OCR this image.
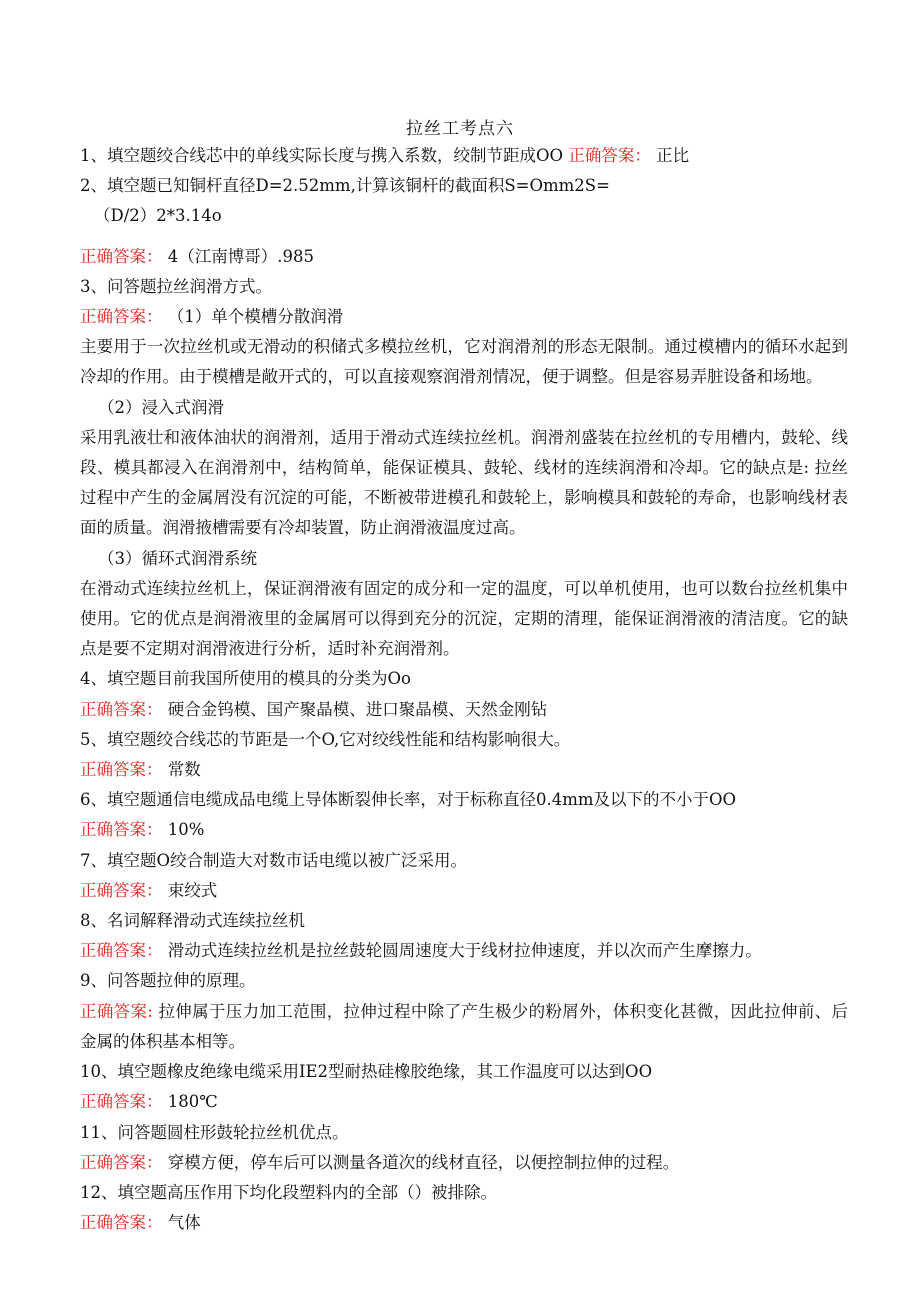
拉丝工考点六
1、填空题绞合线芯中的单线实际长度与携入系数，绞制节距成OO 正确答案： 正比
2、填空题已知铜杆直径D=2.52mm,计算该铜杆的截面积S=Omm2S=
（D/2）2*3.14o
正确答案： 4（江南博哥）.985
3、问答题拉丝润滑方式。
正确答案： （1）单个模槽分散润滑
主要用于一次拉丝机或无滑动的积储式多模拉丝机，它对润滑剂的形态无限制。通过模槽内的循环水起到冷却的作用。由于模槽是敞开式的，可以直接观察润滑剂情况，便于调整。但是容易弄脏设备和场地。
（2）浸入式润滑
采用乳液壮和液体油状的润滑剂，适用于滑动式连续拉丝机。润滑剂盛装在拉丝机的专用槽内，鼓轮、线段、模具都浸入在润滑剂中，结构简单，能保证模具、鼓轮、线材的连续润滑和冷却。它的缺点是: 拉丝过程中产生的金属屑没有沉淀的可能，不断被带进模孔和鼓轮上，影响模具和鼓轮的寿命，也影响线材表面的质量。润滑掖槽需要有冷却装置，防止润滑液温度过高。
（3）循环式润滑系统
在滑动式连续拉丝机上，保证润滑液有固定的成分和一定的温度，可以单机使用，也可以数台拉丝机集中使用。它的优点是润滑液里的金属屑可以得到充分的沉淀，定期的清理，能保证润滑液的清洁度。它的缺点是要不定期对润滑液进行分析，适时补充润滑剂。
4、填空题目前我国所使用的模具的分类为Oo
正确答案： 硬合金钨模、国产聚晶模、进口聚晶模、天然金刚钻
5、填空题绞合线芯的节距是一个O,它对绞线性能和结构影响很大。
正确答案： 常数
6、填空题通信电缆成品电缆上导体断裂伸长率，对于标称直径0.4mm及以下的不小于OO
正确答案： 10%
7、填空题O绞合制造大对数市话电缆以被广泛采用。
正确答案： 束绞式
8、名词解释滑动式连续拉丝机
正确答案： 滑动式连续拉丝机是拉丝鼓轮圆周速度大于线材拉伸速度，并以次而产生摩擦力。
9、问答题拉伸的原理。
正确答案: 拉伸属于压力加工范围，拉伸过程中除了产生极少的粉屑外，体积变化甚微，因此拉伸前、后金属的体积基本相等。
10、填空题橡皮绝缘电缆采用IE2型耐热硅橡胶绝缘，其工作温度可以达到OO
正确答案： 180℃
11、问答题圆柱形鼓轮拉丝机优点。
正确答案： 穿模方便，停车后可以测量各道次的线材直径，以便控制拉伸的过程。
12、填空题高压作用下均化段塑料内的全部（）被排除。
正确答案： 气体
